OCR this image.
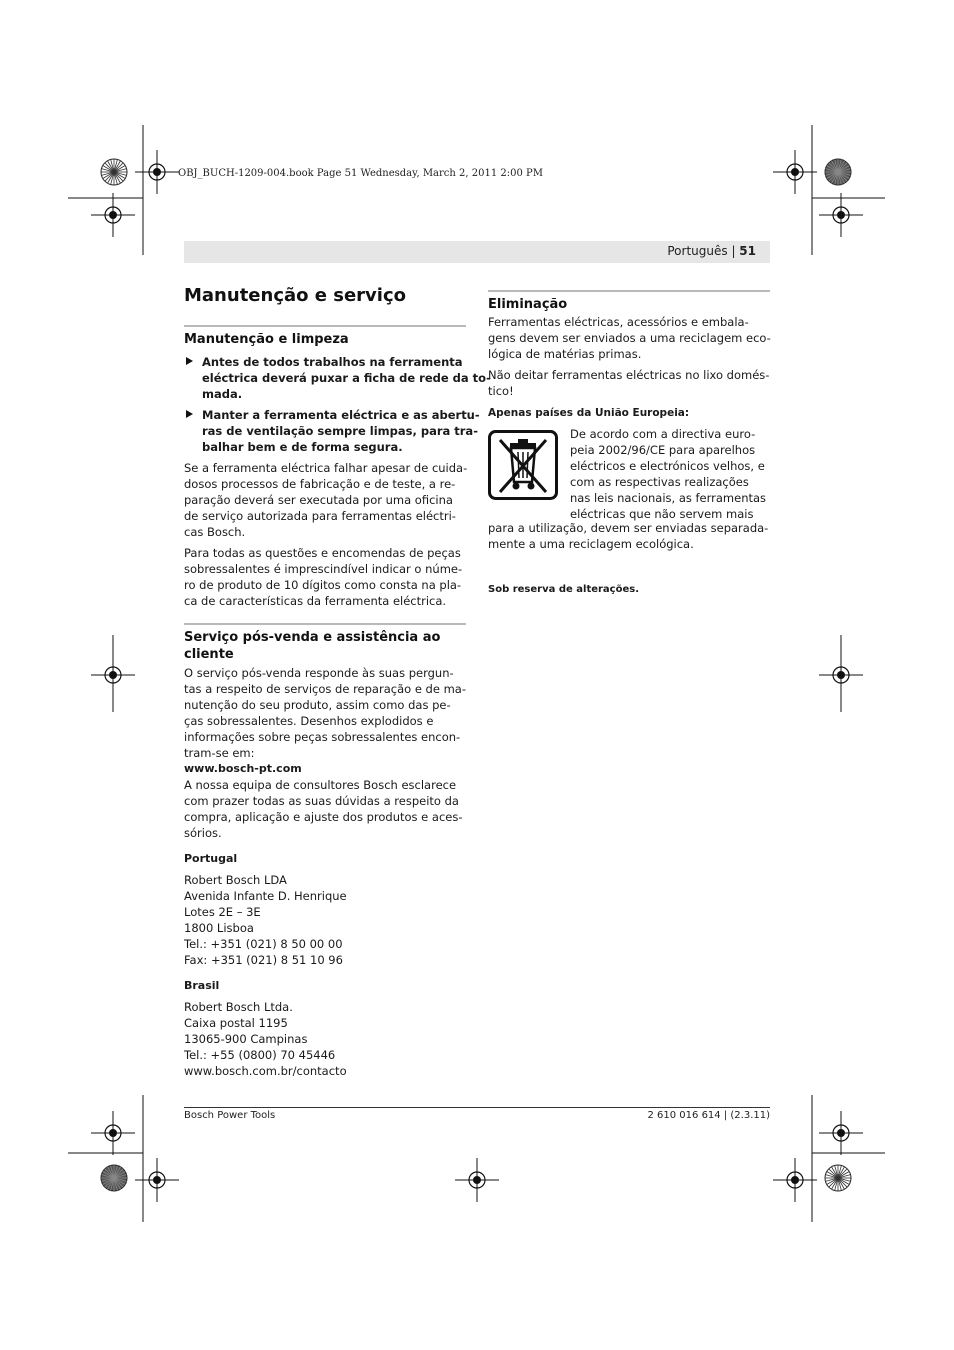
OBJ_BUCH-1209-004.book Page 51 Wednesday, March 2, 2011 2:00 PM
Português | 51
Manutenção e serviço
Manutenção e limpeza

Antes de todos trabalhos na ferramenta

eléctrica deverá puxar a ficha de rede da to-

mada.

Manter a ferramenta eléctrica e as abertu-

ras de ventilação sempre limpas, para tra-

balhar bem e de forma segura.

Se a ferramenta eléctrica falhar apesar de cuida-

dosos processos de fabricação e de teste, a re-

paração deverá ser executada por uma oficina

de serviço autorizada para ferramentas eléctri-

cas Bosch.

Para todas as questões e encomendas de peças

sobressalentes é imprescindível indicar o núme-

ro de produto de 10 dígitos como consta na pla-

ca de características da ferramenta eléctrica.

Serviço pós-venda e assistência ao
cliente

O serviço pós-venda responde às suas pergun-

tas a respeito de serviços de reparação e de ma-

nutenção do seu produto, assim como das pe-

ças sobressalentes. Desenhos explodidos e

informações sobre peças sobressalentes encon-

tram-se em:

www.bosch-pt.com

A nossa equipa de consultores Bosch esclarece

com prazer todas as suas dúvidas a respeito da

compra, aplicação e ajuste dos produtos e aces-

sórios.

Portugal

Robert Bosch LDA

Avenida Infante D. Henrique

Lotes 2E – 3E

1800 Lisboa

Tel.: +351 (021) 8 50 00 00

Fax: +351 (021) 8 51 10 96

Brasil

Robert Bosch Ltda.

Caixa postal 1195

13065-900 Campinas

Tel.: +55 (0800) 70 45446

www.bosch.com.br/contacto

Eliminação

Ferramentas eléctricas, acessórios e embala-

gens devem ser enviados a uma reciclagem eco-

lógica de matérias primas.

Não deitar ferramentas eléctricas no lixo domés-

tico!

Apenas países da União Europeia:

De acordo com a directiva euro-

peia 2002/96/CE para aparelhos

eléctricos e electrónicos velhos, e

com as respectivas realizações

nas leis nacionais, as ferramentas

eléctricas que não servem mais

para a utilização, devem ser enviadas separada-

mente a uma reciclagem ecológica.

Sob reserva de alterações.

Bosch Power Tools	2 610 016 614 | (2.3.11)
